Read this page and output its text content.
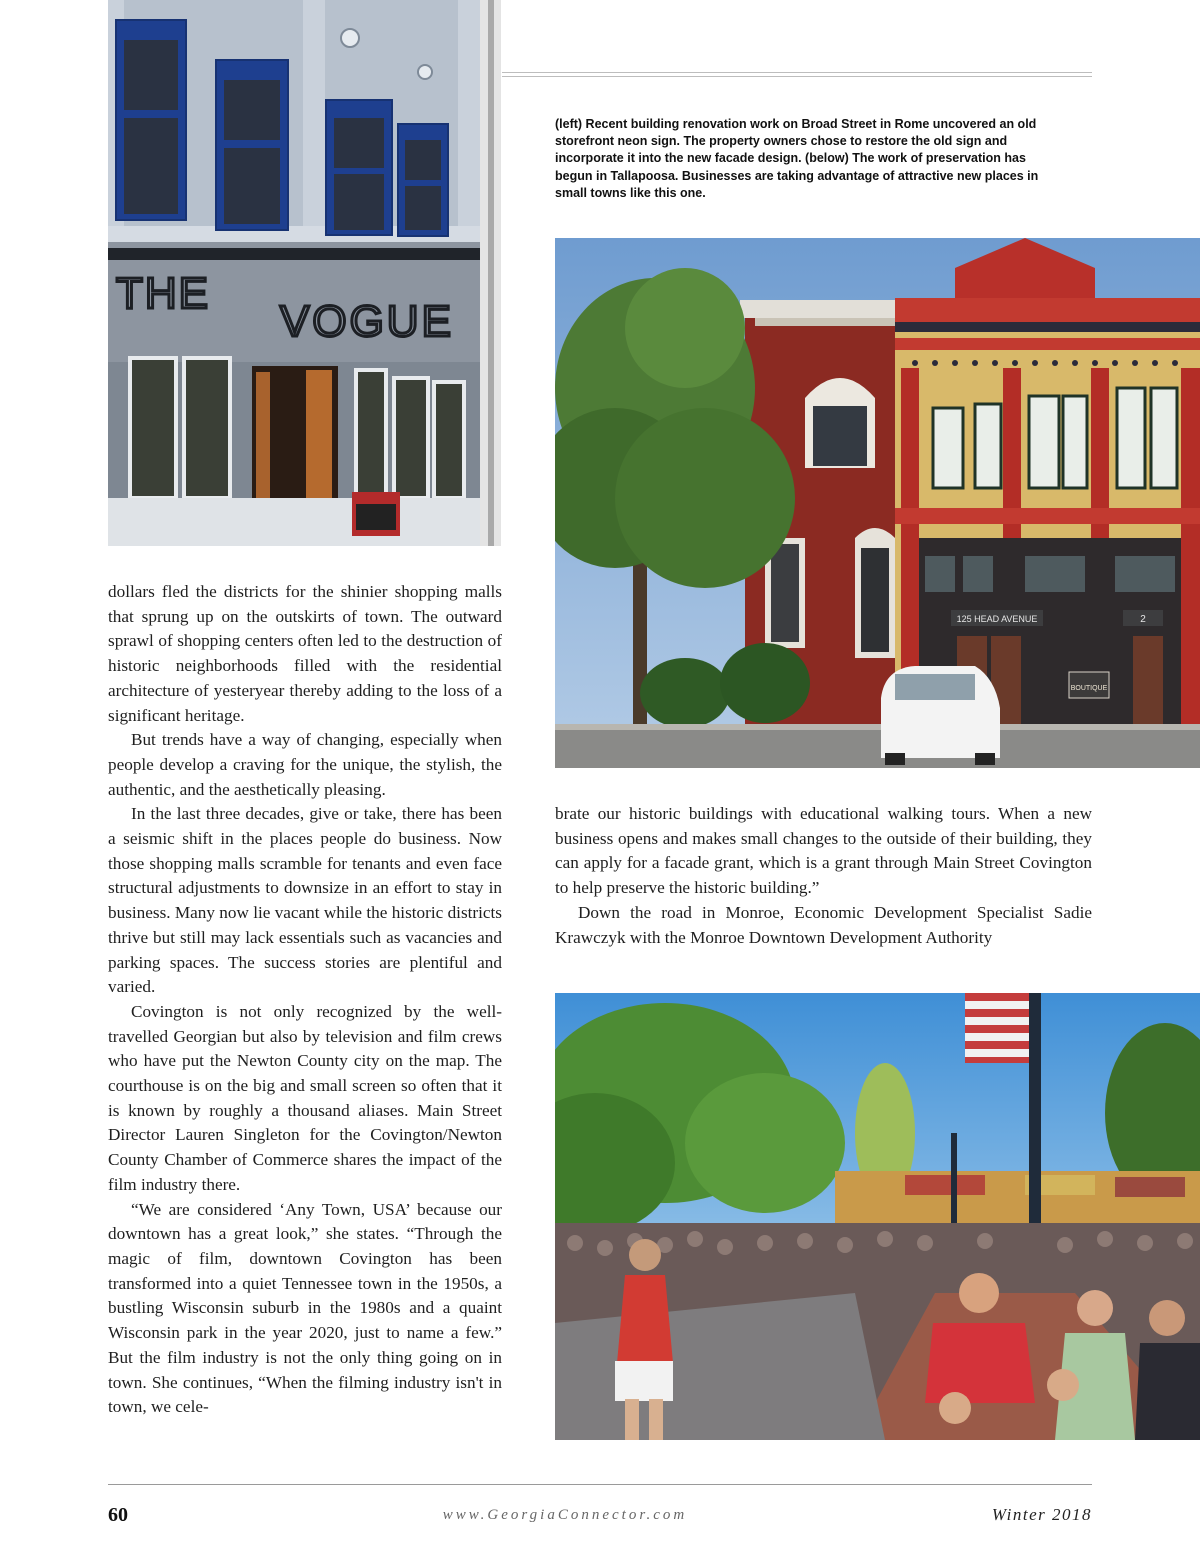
THE
VOGUE
(left) Recent building renovation work on Broad Street in Rome uncovered an old storefront neon sign. The property owners chose to restore the old sign and incorporate it into the new facade design. (below) The work of preservation has begun in Tallapoosa. Businesses are taking advantage of attractive new places in small towns like this one.
125 HEAD AVENUE	2
BOUTIQUE

dollars fled the districts for the shinier shopping malls that sprung up on the outskirts of town. The outward sprawl of shopping centers often led to the destruction of historic neighborhoods filled with the residential architecture of yesteryear thereby adding to the loss of a significant heritage.

But trends have a way of changing, especially when people develop a craving for the unique, the stylish, the authentic, and the aesthetically pleasing.

In the last three decades, give or take, there has been a seismic shift in the places people do business. Now those shopping malls scramble for tenants and even face structural adjustments to downsize in an effort to stay in business. Many now lie vacant while the historic districts thrive but still may lack essentials such as vacancies and parking spaces. The success stories are plentiful and varied.

Covington is not only recognized by the well-travelled Georgian but also by television and film crews who have put the Newton County city on the map. The courthouse is on the big and small screen so often that it is known by roughly a thousand aliases. Main Street Director Lauren Singleton for the Covington/Newton County Chamber of Commerce shares the impact of the film industry there.

“We are considered ‘Any Town, USA’ because our downtown has a great look,” she states. “Through the magic of film, downtown Covington has been transformed into a quiet Tennessee town in the 1950s, a bustling Wisconsin suburb in the 1980s and a quaint Wisconsin park in the year 2020, just to name a few.” But the film industry is not the only thing going on in town. She continues, “When the filming industry isn't in town, we cele-

brate our historic buildings with educational walking tours. When a new business opens and makes small changes to the outside of their building, they can apply for a facade grant, which is a grant through Main Street Covington to help preserve the historic building.”

Down the road in Monroe, Economic Development Specialist Sadie Krawczyk with the Monroe Downtown Development Authority

60	www.GeorgiaConnector.com	Winter 2018
